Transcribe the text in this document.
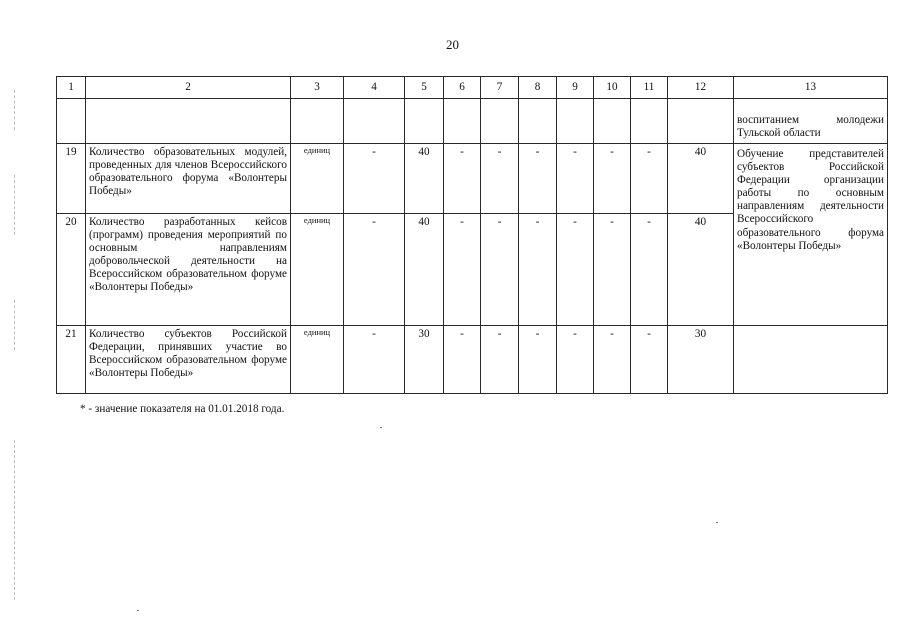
20
1	2	3	4	5	6	7	8	9	10	11	12	13
												воспитанием молодежи Тульской области
19	Количество образовательных модулей, проведенных для членов Всероссийского образовательного форума «Волонтеры Победы»	единиц	-	40	-	-	-	-	-	-	40	Обучение представителей субъектов Российской Федерации организации работы по основным направлениям деятельности Всероссийского образовательного форума «Волонтеры Победы»
20	Количество разработанных кейсов (программ) проведения мероприятий по основным направлениям добровольческой деятельности на Всероссийском образовательном форуме «Волонтеры Победы»	единиц	-	40	-	-	-	-	-	-	40	
21	Количество субъектов Российской Федерации, принявших участие во Всероссийском образовательном форуме «Волонтеры Победы»	единиц	-	30	-	-	-	-	-	-	30	
* - значение показателя на 01.01.2018 года.
